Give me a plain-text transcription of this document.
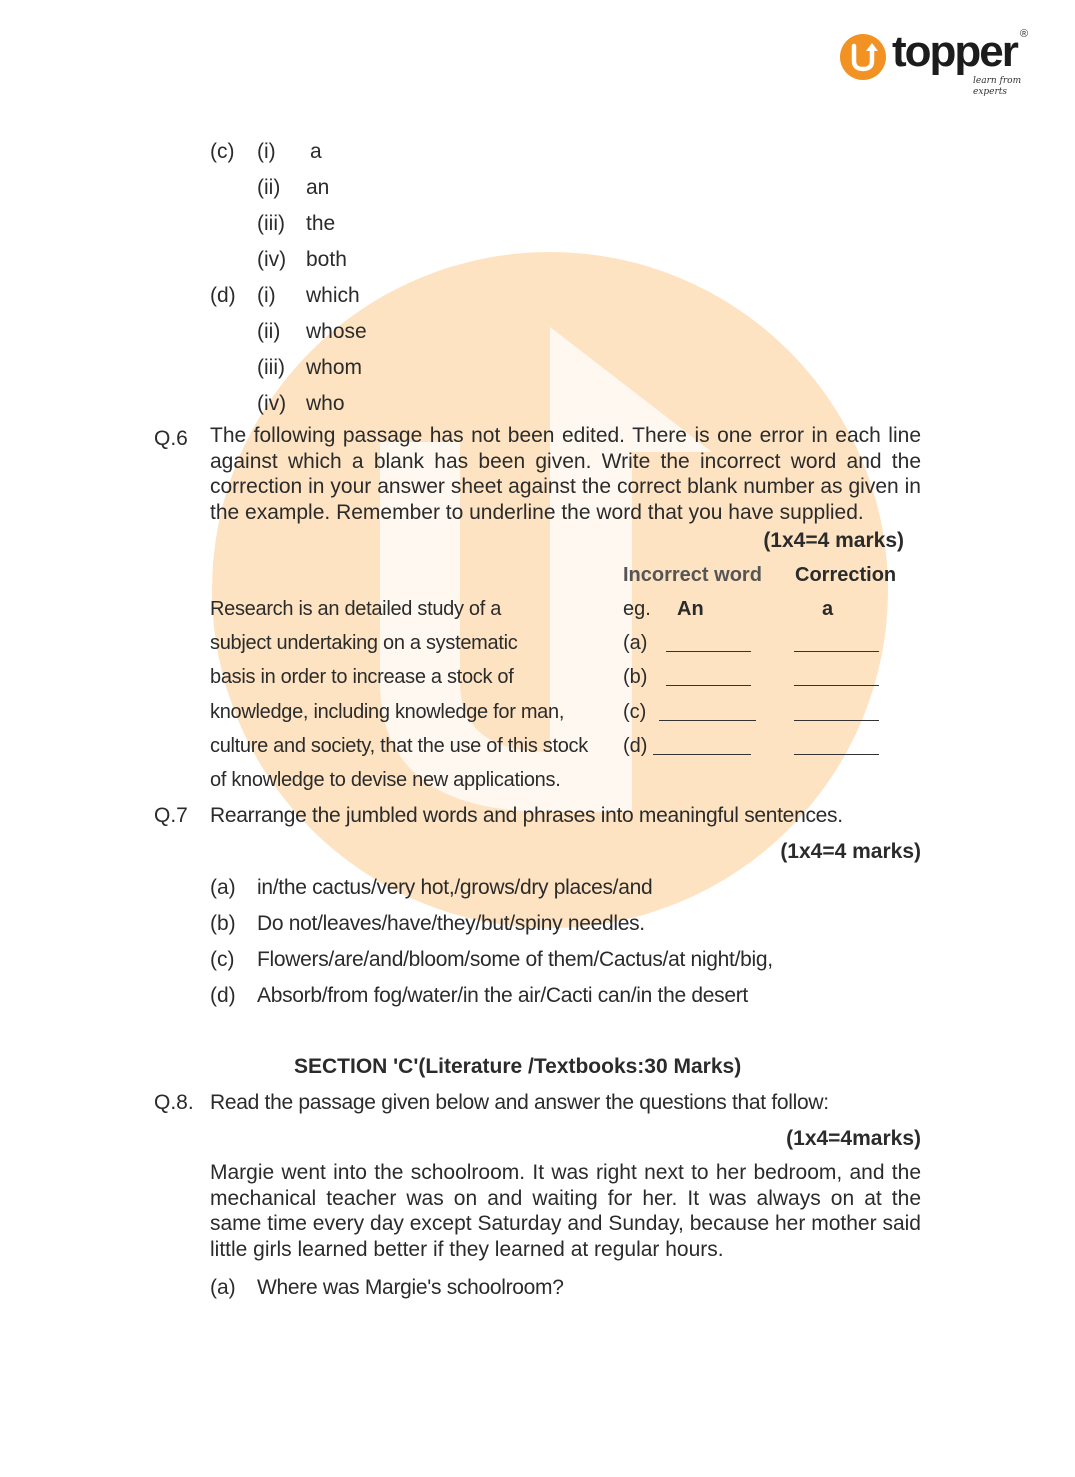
topper ®
learn from experts
(c) (i) a
(ii) an
(iii) the
(iv) both
(d) (i) which
(ii) whose
(iii) whom
(iv) who
Q.6 The following passage has not been edited. There is one error in each line against which a blank has been given. Write the incorrect word and the correction in your answer sheet against the correct blank number as given in the example. Remember to underline the word that you have supplied.
(1x4=4 marks)
Incorrect word Correction
Research is an detailed study of a
subject undertaking on a systematic
basis in order to increase a stock of
knowledge, including knowledge for man,
culture and society, that the use of this stock
of knowledge to devise new applications.
eg. An	a
(a)
(b)
(c)
(d)
Q.7 Rearrange the jumbled words and phrases into meaningful sentences.
(1x4=4 marks)
(a) in/the cactus/very hot,/grows/dry places/and
(b) Do not/leaves/have/they/but/spiny needles.
(c) Flowers/are/and/bloom/some of them/Cactus/at night/big,
(d) Absorb/from fog/water/in the air/Cacti can/in the desert
SECTION 'C'(Literature /Textbooks:30 Marks)
Q.8. Read the passage given below and answer the questions that follow:
(1x4=4marks)
Margie went into the schoolroom. It was right next to her bedroom, and the mechanical teacher was on and waiting for her. It was always on at the same time every day except Saturday and Sunday, because her mother said little girls learned better if they learned at regular hours.
(a) Where was Margie's schoolroom?
